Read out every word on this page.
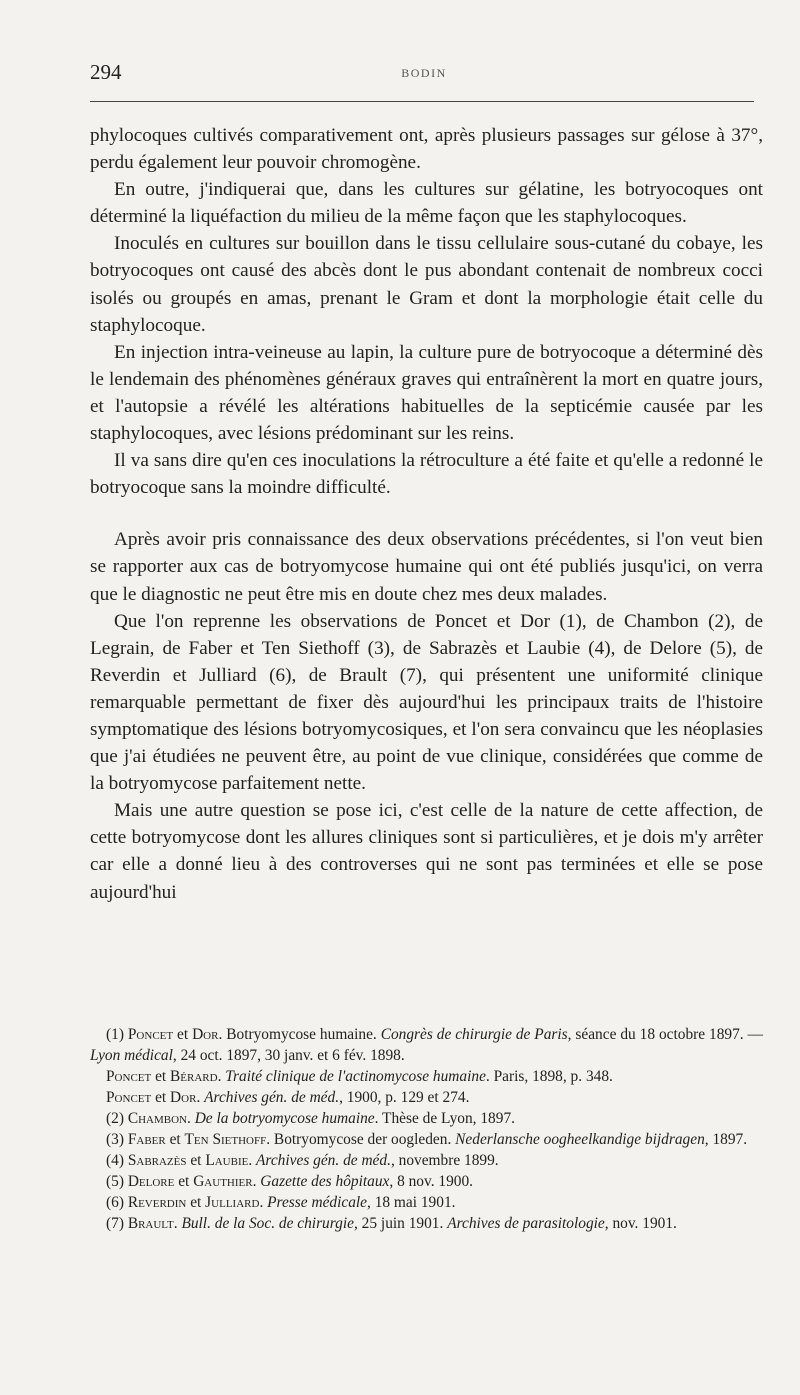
294	BODIN

phylocoques cultivés comparativement ont, après plusieurs passages sur gélose à 37°, perdu également leur pouvoir chromogène.

En outre, j'indiquerai que, dans les cultures sur gélatine, les botryocoques ont déterminé la liquéfaction du milieu de la même façon que les staphylocoques.

Inoculés en cultures sur bouillon dans le tissu cellulaire sous-cutané du cobaye, les botryocoques ont causé des abcès dont le pus abondant contenait de nombreux cocci isolés ou groupés en amas, prenant le Gram et dont la morphologie était celle du staphylocoque.

En injection intra-veineuse au lapin, la culture pure de botryocoque a déterminé dès le lendemain des phénomènes généraux graves qui entraînèrent la mort en quatre jours, et l'autopsie a révélé les altérations habituelles de la septicémie causée par les staphylocoques, avec lésions prédominant sur les reins.

Il va sans dire qu'en ces inoculations la rétroculture a été faite et qu'elle a redonné le botryocoque sans la moindre difficulté.

Après avoir pris connaissance des deux observations précédentes, si l'on veut bien se rapporter aux cas de botryomycose humaine qui ont été publiés jusqu'ici, on verra que le diagnostic ne peut être mis en doute chez mes deux malades.

Que l'on reprenne les observations de Poncet et Dor (1), de Chambon (2), de Legrain, de Faber et Ten Siethoff (3), de Sabrazès et Laubie (4), de Delore (5), de Reverdin et Julliard (6), de Brault (7), qui présentent une uniformité clinique remarquable permettant de fixer dès aujourd'hui les principaux traits de l'histoire symptomatique des lésions botryomycosiques, et l'on sera convaincu que les néoplasies que j'ai étudiées ne peuvent être, au point de vue clinique, considérées que comme de la botryomycose parfaitement nette.

Mais une autre question se pose ici, c'est celle de la nature de cette affection, de cette botryomycose dont les allures cliniques sont si particulières, et je dois m'y arrêter car elle a donné lieu à des controverses qui ne sont pas terminées et elle se pose aujourd'hui

(1) Poncet et Dor. Botryomycose humaine. Congrès de chirurgie de Paris, séance du 18 octobre 1897. — Lyon médical, 24 oct. 1897, 30 janv. et 6 fév. 1898.

Poncet et Bérard. Traité clinique de l'actinomycose humaine. Paris, 1898, p. 348.

Poncet et Dor. Archives gén. de méd., 1900, p. 129 et 274.

(2) Chambon. De la botryomycose humaine. Thèse de Lyon, 1897.

(3) Faber et Ten Siethoff. Botryomycose der oogleden. Nederlansche oogheelkandige bijdragen, 1897.

(4) Sabrazès et Laubie. Archives gén. de méd., novembre 1899.

(5) Delore et Gauthier. Gazette des hôpitaux, 8 nov. 1900.

(6) Reverdin et Julliard. Presse médicale, 18 mai 1901.

(7) Brault. Bull. de la Soc. de chirurgie, 25 juin 1901. Archives de parasitologie, nov. 1901.
